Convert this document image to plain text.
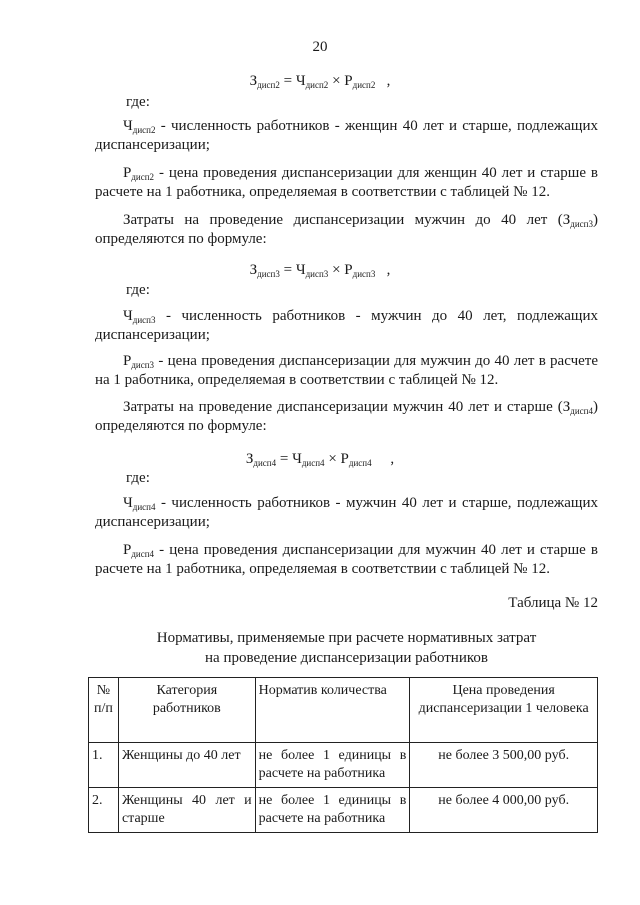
20
$З_{дисп2} = Ч_{дисп2} \times Р_{дисп2}$   ,
где:
$Ч_{дисп2}$ - численность работников - женщин 40 лет и старше, подлежащих диспансеризации;
$Р_{дисп2}$ - цена проведения диспансеризации для женщин 40 лет и старше в расчете на 1 работника, определяемая в соответствии с таблицей № 12.
Затраты на проведение диспансеризации мужчин до 40 лет $(З_{дисп3})$ определяются по формуле:
$З_{дисп3} = Ч_{дисп3} \times Р_{дисп3}$   ,
где:
$Ч_{дисп3}$ - численность работников - мужчин до 40 лет, подлежащих диспансеризации;
$Р_{дисп3}$ - цена проведения диспансеризации для мужчин до 40 лет в расчете на 1 работника, определяемая в соответствии с таблицей № 12.
Затраты на проведение диспансеризации мужчин 40 лет и старше $(З_{дисп4})$ определяются по формуле:
$З_{дисп4} = Ч_{дисп4} \times Р_{дисп4}$     ,
где:
$Ч_{дисп4}$ - численность работников - мужчин 40 лет и старше, подлежащих диспансеризации;
$Р_{дисп4}$ - цена проведения диспансеризации для мужчин 40 лет и старше в расчете на 1 работника, определяемая в соответствии с таблицей № 12.
Таблица № 12
Нормативы, применяемые при расчете нормативных затрат
на проведение диспансеризации работников
№ п/п	Категория работников	Норматив количества	Цена проведения диспансеризации 1 человека
1.	Женщины до 40 лет	не более 1 единицы в расчете на работника	не более 3 500,00 руб.
2.	Женщины 40 лет и старше	не более 1 единицы в расчете на работника	не более 4 000,00 руб.
